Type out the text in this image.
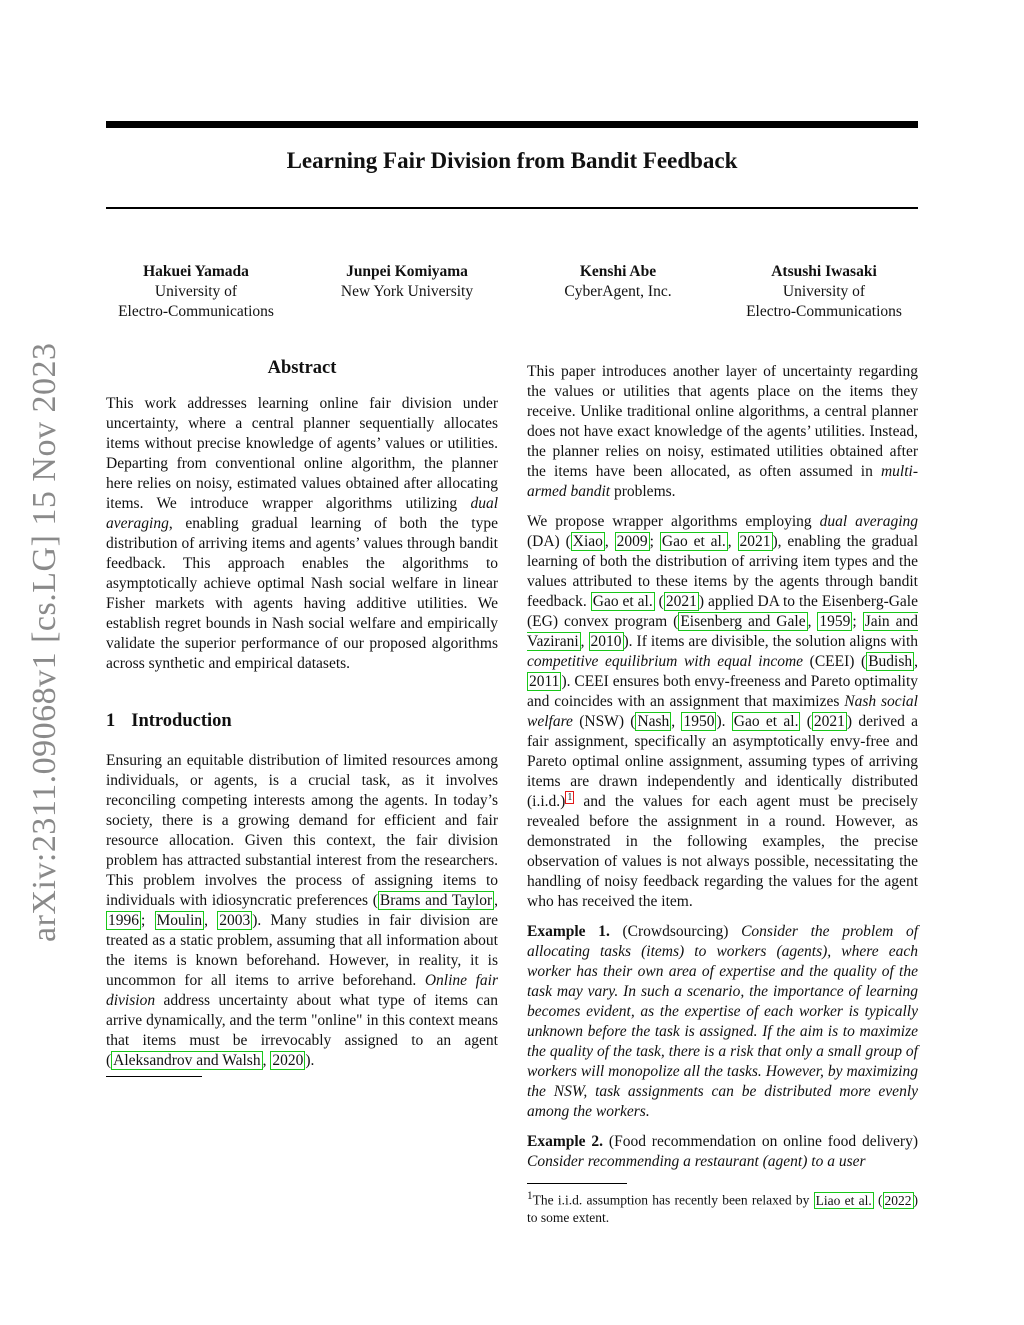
Learning Fair Division from Bandit Feedback
Hakuei Yamada
University of
Electro-Communications
Junpei Komiyama
New York University
Kenshi Abe
CyberAgent, Inc.
Atsushi Iwasaki
University of
Electro-Communications
arXiv:2311.09068v1 [cs.LG] 15 Nov 2023	Abstract

This work addresses learning online fair division under uncertainty, where a central planner sequentially allocates items without precise knowledge of agents’ values or utilities. Departing from conventional online algorithm, the planner here relies on noisy, estimated values obtained after allocating items. We introduce wrapper algorithms utilizing dual averaging, enabling gradual learning of both the type distribution of arriving items and agents’ values through bandit feedback. This approach enables the algorithms to asymptotically achieve optimal Nash social welfare in linear Fisher markets with agents having additive utilities. We establish regret bounds in Nash social welfare and empirically validate the superior performance of our proposed algorithms across synthetic and empirical datasets.

1 Introduction

Ensuring an equitable distribution of limited resources among individuals, or agents, is a crucial task, as it involves reconciling competing interests among the agents. In today’s society, there is a growing demand for efficient and fair resource allocation. Given this context, the fair division problem has attracted substantial interest from the researchers. This problem involves the process of assigning items to individuals with idiosyncratic preferences ( Brams and Taylor , 1996 ; Moulin , 2003 ). Many studies in fair division are treated as a static problem, assuming that all information about the items is known beforehand. However, in reality, it is uncommon for all items to arrive beforehand. Online fair division address uncertainty about what type of items can arrive dynamically, and the term "online" in this context means that items must be irrevocably assigned to an agent ( Aleksandrov and Walsh , 2020 ).

This paper introduces another layer of uncertainty regarding the values or utilities that agents place on the items they receive. Unlike traditional online algorithms, a central planner does not have exact knowledge of the agents’ utilities. Instead, the planner relies on noisy, estimated utilities obtained after the items have been allocated, as often assumed in multi-armed bandit problems.

We propose wrapper algorithms employing dual averaging (DA) ( Xiao , 2009 ; Gao et al. , 2021 ), enabling the gradual learning of both the distribution of arriving item types and the values attributed to these items by the agents through bandit feedback. Gao et al. ( 2021 ) applied DA to the Eisenberg-Gale (EG) convex program ( Eisenberg and Gale , 1959 ; Jain and Vazirani , 2010 ). If items are divisible, the solution aligns with competitive equilibrium with equal income (CEEI) ( Budish , 2011 ). CEEI ensures both envy-freeness and Pareto optimality and coincides with an assignment that maximizes Nash social welfare (NSW) ( Nash , 1950 ). Gao et al. ( 2021 ) derived a fair assignment, specifically an asymptotically envy-free and Pareto optimal online assignment, assuming types of arriving items are drawn independently and identically distributed (i.i.d.) $^1$ and the values for each agent must be precisely revealed before the assignment in a round. However, as demonstrated in the following examples, the precise observation of values is not always possible, necessitating the handling of noisy feedback regarding the values for the agent who has received the item.

Example 1. (Crowdsourcing) Consider the problem of allocating tasks (items) to workers (agents), where each worker has their own area of expertise and the quality of the task may vary. In such a scenario, the importance of learning becomes evident, as the expertise of each worker is typically unknown before the task is assigned. If the aim is to maximize the quality of the task, there is a risk that only a small group of workers will monopolize all the tasks. However, by maximizing the NSW, task assignments can be distributed more evenly among the workers.

Example 2. (Food recommendation on online food delivery) Consider recommending a restaurant (agent) to a user

$^1$The i.i.d. assumption has recently been relaxed by Liao et al. ( 2022 ) to some extent.
